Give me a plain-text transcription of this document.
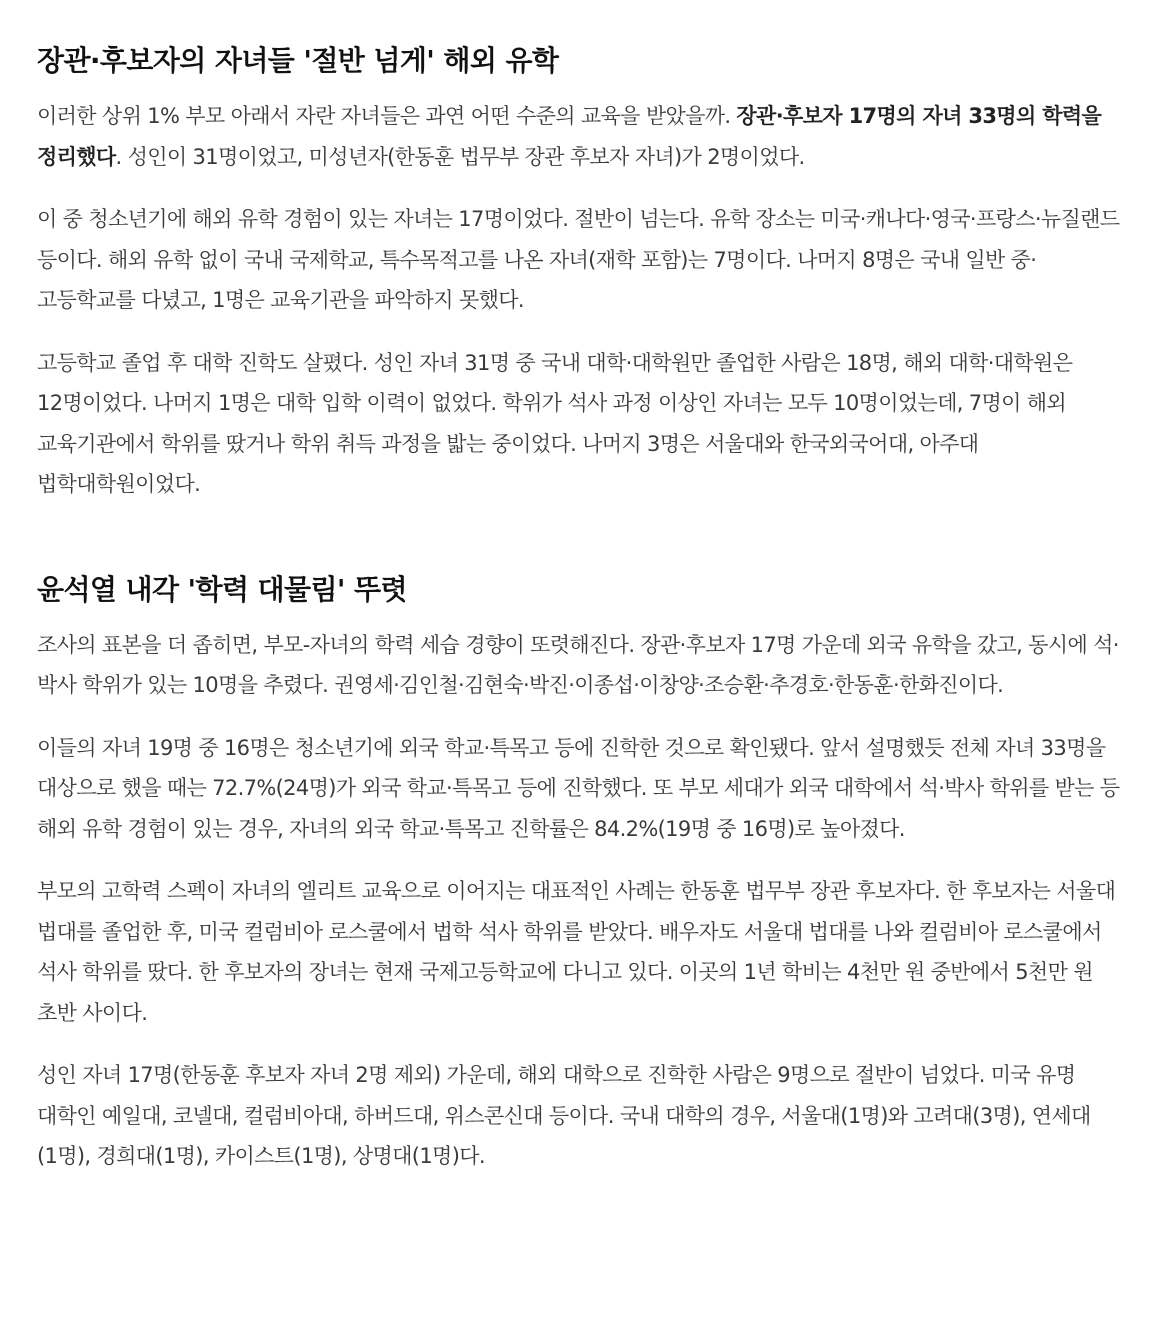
장관·후보자의 자녀들 '절반 넘게' 해외 유학

이러한 상위 1% 부모 아래서 자란 자녀들은 과연 어떤 수준의 교육을 받았을까. 장관·후보자 17명의 자녀 33명의 학력을 정리했다. 성인이 31명이었고, 미성년자(한동훈 법무부 장관 후보자 자녀)가 2명이었다.

이 중 청소년기에 해외 유학 경험이 있는 자녀는 17명이었다. 절반이 넘는다. 유학 장소는 미국·캐나다·영국·프랑스·뉴질랜드 등이다. 해외 유학 없이 국내 국제학교, 특수목적고를 나온 자녀(재학 포함)는 7명이다. 나머지 8명은 국내 일반 중·고등학교를 다녔고, 1명은 교육기관을 파악하지 못했다.

고등학교 졸업 후 대학 진학도 살폈다. 성인 자녀 31명 중 국내 대학·대학원만 졸업한 사람은 18명, 해외 대학·대학원은 12명이었다. 나머지 1명은 대학 입학 이력이 없었다. 학위가 석사 과정 이상인 자녀는 모두 10명이었는데, 7명이 해외 교육기관에서 학위를 땄거나 학위 취득 과정을 밟는 중이었다. 나머지 3명은 서울대와 한국외국어대, 아주대 법학대학원이었다.

윤석열 내각 '학력 대물림' 뚜렷

조사의 표본을 더 좁히면, 부모-자녀의 학력 세습 경향이 또렷해진다. 장관·후보자 17명 가운데 외국 유학을 갔고, 동시에 석·박사 학위가 있는 10명을 추렸다. 권영세·김인철·김현숙·박진·이종섭·이창양·조승환·추경호·한동훈·한화진이다.

이들의 자녀 19명 중 16명은 청소년기에 외국 학교·특목고 등에 진학한 것으로 확인됐다. 앞서 설명했듯 전체 자녀 33명을 대상으로 했을 때는 72.7%(24명)가 외국 학교·특목고 등에 진학했다. 또 부모 세대가 외국 대학에서 석·박사 학위를 받는 등 해외 유학 경험이 있는 경우, 자녀의 외국 학교·특목고 진학률은 84.2%(19명 중 16명)로 높아졌다.

부모의 고학력 스펙이 자녀의 엘리트 교육으로 이어지는 대표적인 사례는 한동훈 법무부 장관 후보자다. 한 후보자는 서울대 법대를 졸업한 후, 미국 컬럼비아 로스쿨에서 법학 석사 학위를 받았다. 배우자도 서울대 법대를 나와 컬럼비아 로스쿨에서 석사 학위를 땄다. 한 후보자의 장녀는 현재 국제고등학교에 다니고 있다. 이곳의 1년 학비는 4천만 원 중반에서 5천만 원 초반 사이다.

성인 자녀 17명(한동훈 후보자 자녀 2명 제외) 가운데, 해외 대학으로 진학한 사람은 9명으로 절반이 넘었다. 미국 유명 대학인 예일대, 코넬대, 컬럼비아대, 하버드대, 위스콘신대 등이다. 국내 대학의 경우, 서울대(1명)와 고려대(3명), 연세대(1명), 경희대(1명), 카이스트(1명), 상명대(1명)다.
